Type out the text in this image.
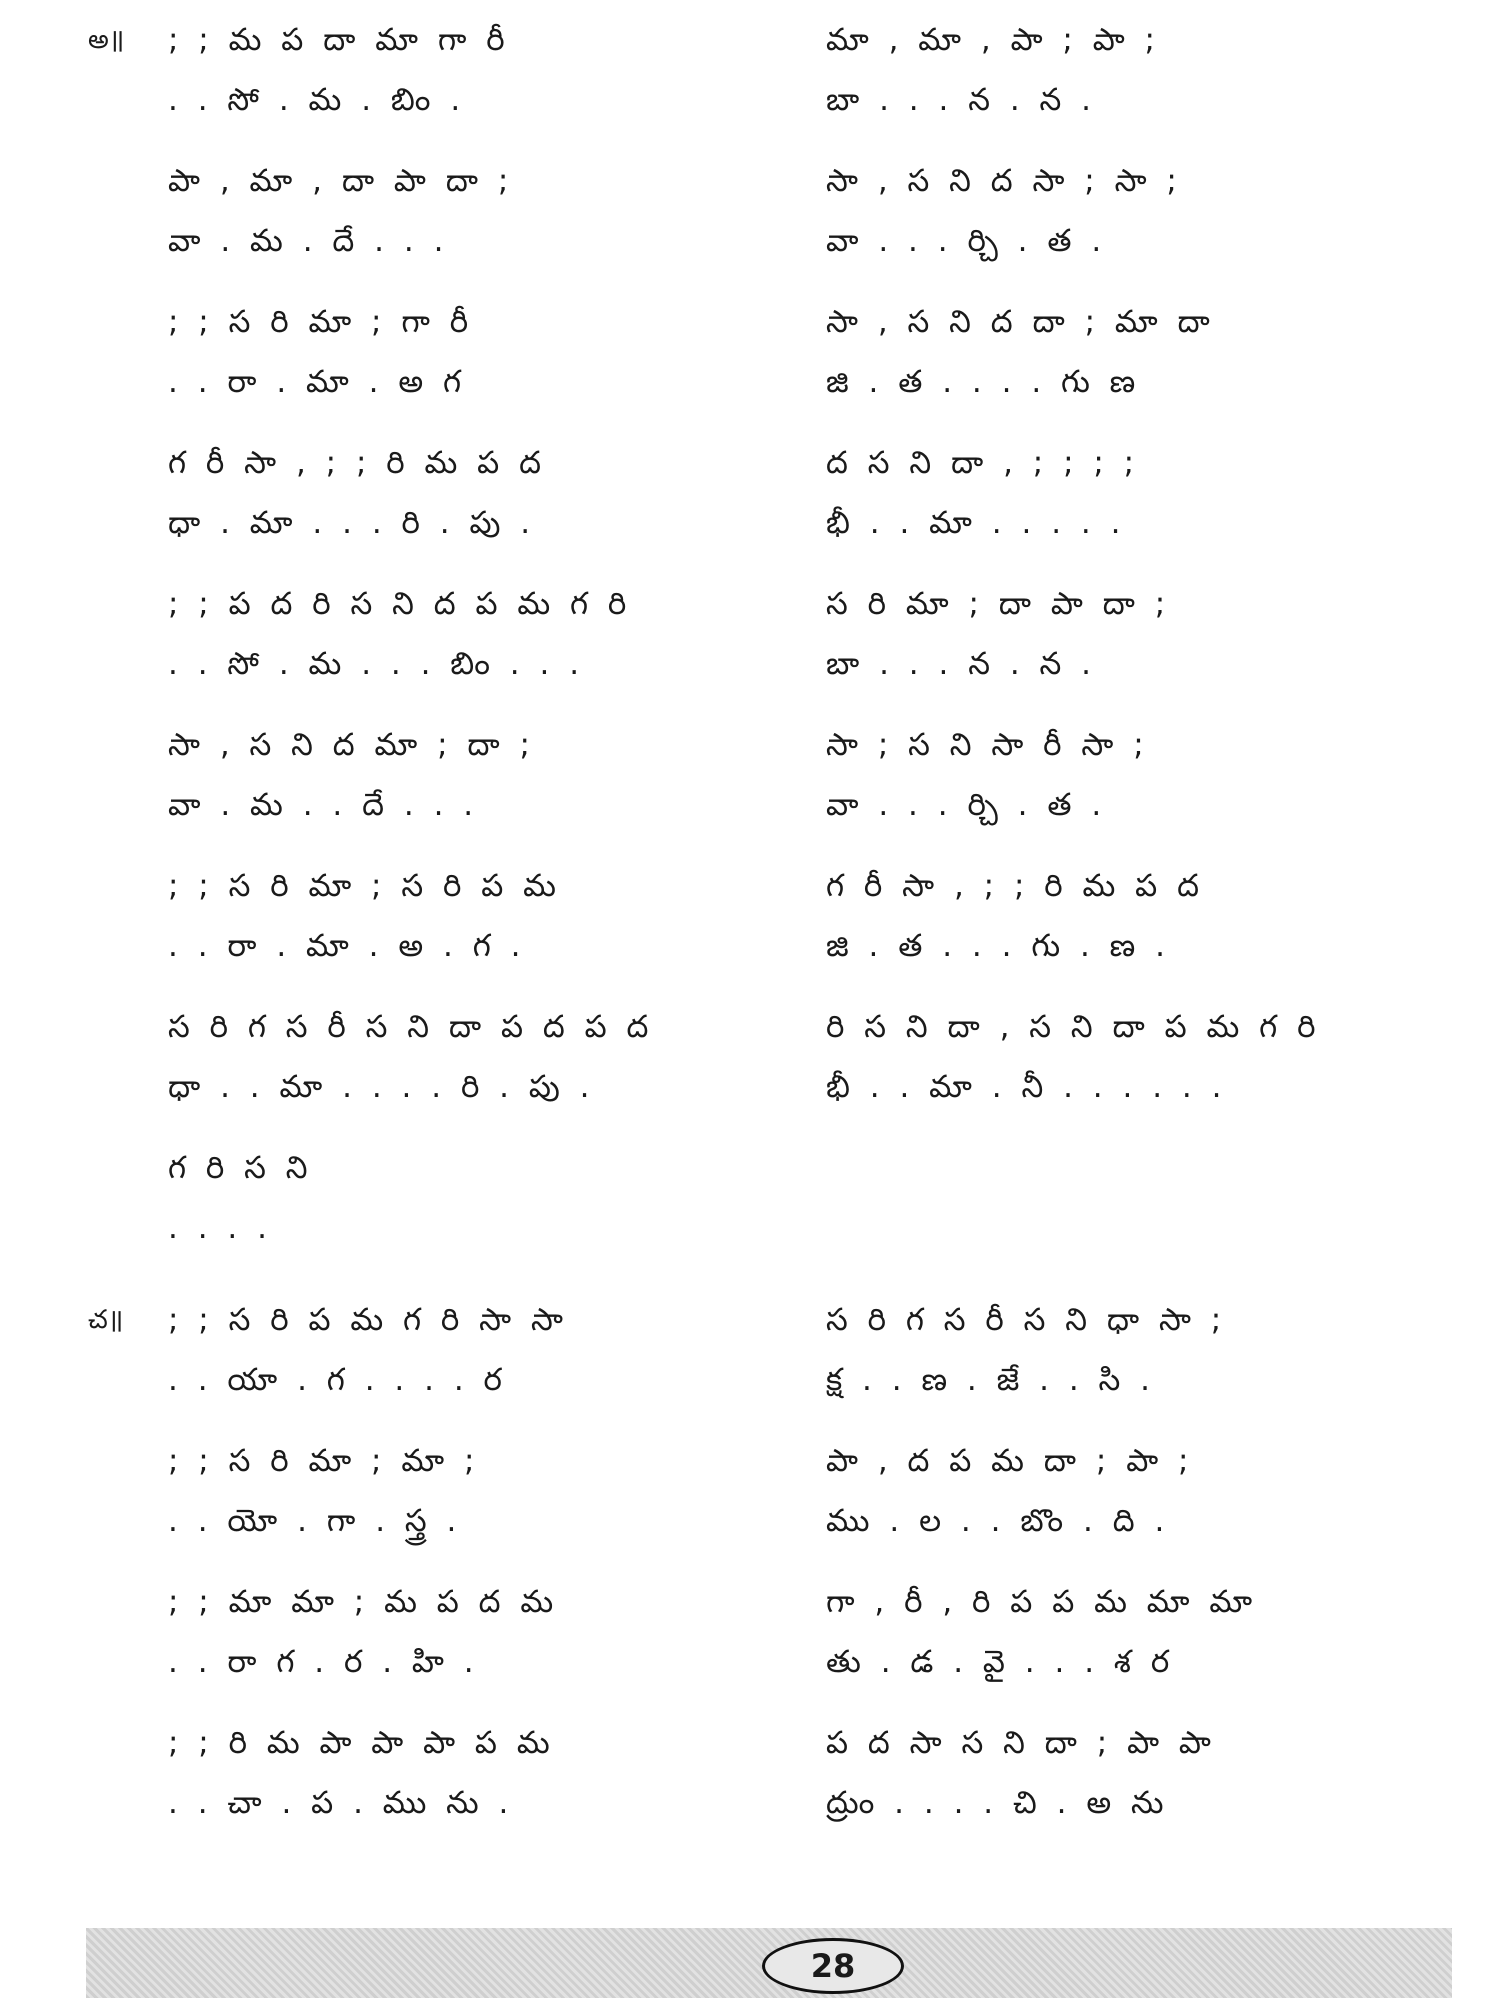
అ॥ ; ; మ ప దా మా గా రీ
. . సో . మ . బిం .
పా , మా , దా పా దా ;
వా . మ . దే . . .
; ; స రి మా ; గా రీ
. . రా . మా . అ గ
గ రీ సా , ; ; రి మ ప ద
ధా . మా . . . రి . పు .
; ; ప ద రి స ని ద ప మ గ రి
. . సో . మ . . . బిం . . .
సా , స ని ద మా ; దా ;
వా . మ . . దే . . .
; ; స రి మా ; స రి ప మ
. . రా . మా . అ . గ .
స రి గ స రీ స ని దా ప ద ప ద
ధా . . మా . . . . రి . పు .
గ రి స ని
. . . .
మా , మా , పా ; పా ;
బా . . . న . న .
సా , స ని ద సా ; సా ;
వా . . . ర్చి . త .
సా , స ని ద దా ; మా దా
జి . త . . . . గు ణ
ద స ని దా , ; ; ; ;
భీ . . మా . . . . .
స రి మా ; దా పా దా ;
బా . . . న . న .
సా ; స ని సా రీ సా ;
వా . . . ర్చి . త .
గ రీ సా , ; ; రి మ ప ద
జి . త . . . గు . ణ .
రి స ని దా , స ని దా ప మ గ రి
భీ . . మా . నీ . . . . . .
చ॥ ; ; స రి ప మ గ రి సా సా
. . యా . గ . . . . ర
; ; స రి మా ; మా ;
. . యో . గా . స్త్ర .
; ; మా మా ; మ ప ద మ
. . రా గ . ర . హి .
; ; రి మ పా పా పా ప మ
. . చా . ప . ము ను .
స రి గ స రీ స ని ధా సా ;
క్ష . . ణ . జే . . సి .
పా , ద ప మ దా ; పా ;
ము . ల . . బొం . ది .
గా , రీ , రి ప ప మ మా మా
తు . డ . వై . . . శ ర
ప ద సా స ని దా ; పా పా
ద్రుం . . . . చి . అ ను
28
